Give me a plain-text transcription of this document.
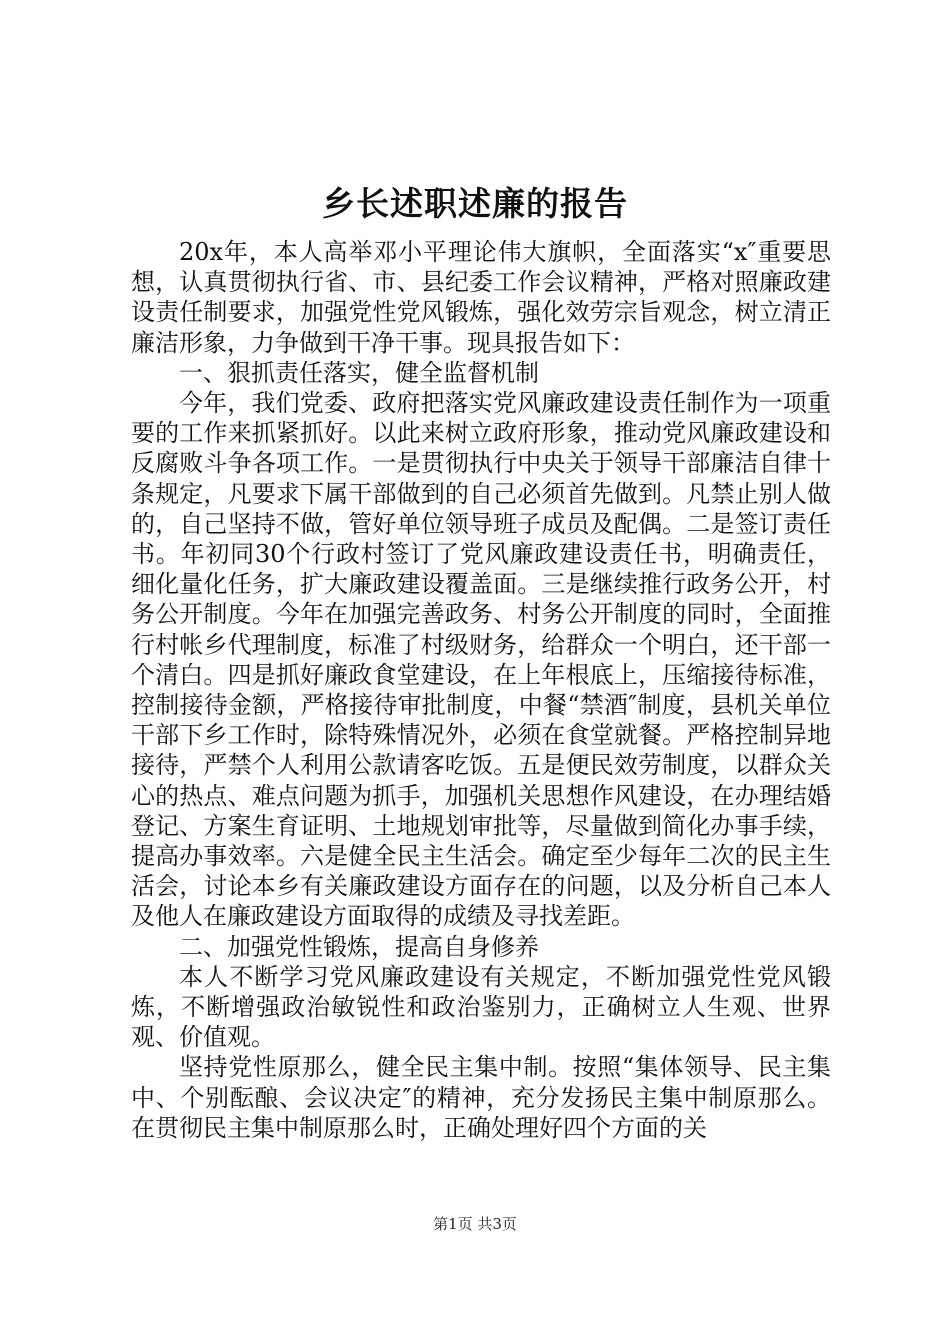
乡长述职述廉的报告

20x年，本人高举邓小平理论伟大旗帜，全面落实“x″重要思想，认真贯彻执行省、市、县纪委工作会议精神，严格对照廉政建设责任制要求，加强党性党风锻炼，强化效劳宗旨观念，树立清正廉洁形象，力争做到干净干事。现具报告如下：

一、狠抓责任落实，健全监督机制

今年，我们党委、政府把落实党风廉政建设责任制作为一项重要的工作来抓紧抓好。以此来树立政府形象，推动党风廉政建设和反腐败斗争各项工作。一是贯彻执行中央关于领导干部廉洁自律十条规定，凡要求下属干部做到的自己必须首先做到。凡禁止别人做的，自己坚持不做，管好单位领导班子成员及配偶。二是签订责任书。年初同30个行政村签订了党风廉政建设责任书，明确责任，细化量化任务，扩大廉政建设覆盖面。三是继续推行政务公开，村务公开制度。今年在加强完善政务、村务公开制度的同时，全面推行村帐乡代理制度，标准了村级财务，给群众一个明白，还干部一个清白。四是抓好廉政食堂建设，在上年根底上，压缩接待标准，控制接待金额，严格接待审批制度，中餐“禁酒″制度，县机关单位干部下乡工作时，除特殊情况外，必须在食堂就餐。严格控制异地接待，严禁个人利用公款请客吃饭。五是便民效劳制度，以群众关心的热点、难点问题为抓手，加强机关思想作风建设，在办理结婚登记、方案生育证明、土地规划审批等，尽量做到简化办事手续，提高办事效率。六是健全民主生活会。确定至少每年二次的民主生活会，讨论本乡有关廉政建设方面存在的问题，以及分析自己本人及他人在廉政建设方面取得的成绩及寻找差距。

二、加强党性锻炼，提高自身修养

本人不断学习党风廉政建设有关规定，不断加强党性党风锻炼，不断增强政治敏锐性和政治鉴别力，正确树立人生观、世界观、价值观。

坚持党性原那么，健全民主集中制。按照“集体领导、民主集中、个别酝酿、会议决定″的精神，充分发扬民主集中制原那么。在贯彻民主集中制原那么时，正确处理好四个方面的关

第1页 共3页
